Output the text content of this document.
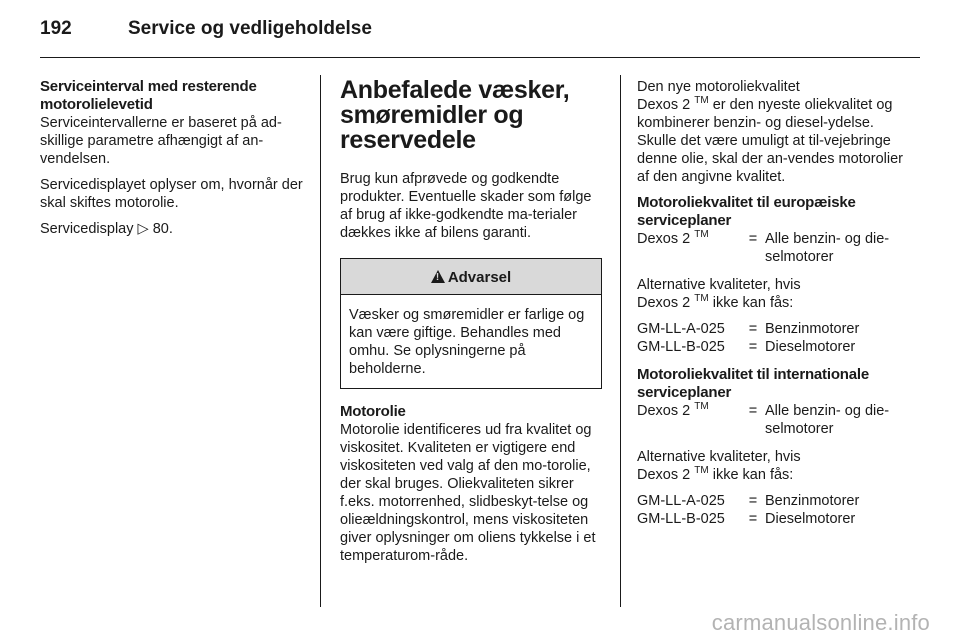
192	Service og vedligeholdelse
Serviceinterval med resterende motorolielevetid

Serviceintervallerne er baseret på ad-skillige parametre afhængigt af an-vendelsen.

Servicedisplayet oplyser om, hvornår der skal skiftes motorolie.

Servicedisplay ▷ 80.

Anbefalede væsker, smøremidler og reservedele

Brug kun afprøvede og godkendte produkter. Eventuelle skader som følge af brug af ikke-godkendte ma-terialer dækkes ikke af bilens garanti.

! Advarsel
Væsker og smøremidler er farlige og kan være giftige. Behandles med omhu. Se oplysningerne på beholderne.
Motorolie

Motorolie identificeres ud fra kvalitet og viskositet. Kvaliteten er vigtigere end viskositeten ved valg af den mo-torolie, der skal bruges. Oliekvaliteten sikrer f.eks. motorrenhed, slidbeskyt-telse og olieældningskontrol, mens viskositeten giver oplysninger om oliens tykkelse i et temperaturom-råde.

Den nye motoroliekvalitet
Dexos 2 ™ er den nyeste oliekvalitet og kombinerer benzin- og diesel-ydelse. Skulle det være umuligt at til-vejebringe denne olie, skal der an-vendes motorolier af den angivne kvalitet.

Motoroliekvalitet til europæiske serviceplaner
Dexos 2 ™	= Alle benzin- og die-selmotorer

Alternative kvaliteter, hvis
Dexos 2 ™ ikke kan fås:

GM-LL-A-025	= Benzinmotorer
GM-LL-B-025	= Dieselmotorer
Motoroliekvalitet til internationale serviceplaner
Dexos 2 ™	= Alle benzin- og die-selmotorer

Alternative kvaliteter, hvis
Dexos 2 ™ ikke kan fås:

GM-LL-A-025	= Benzinmotorer
GM-LL-B-025	= Dieselmotorer
carmanualsonline.info
